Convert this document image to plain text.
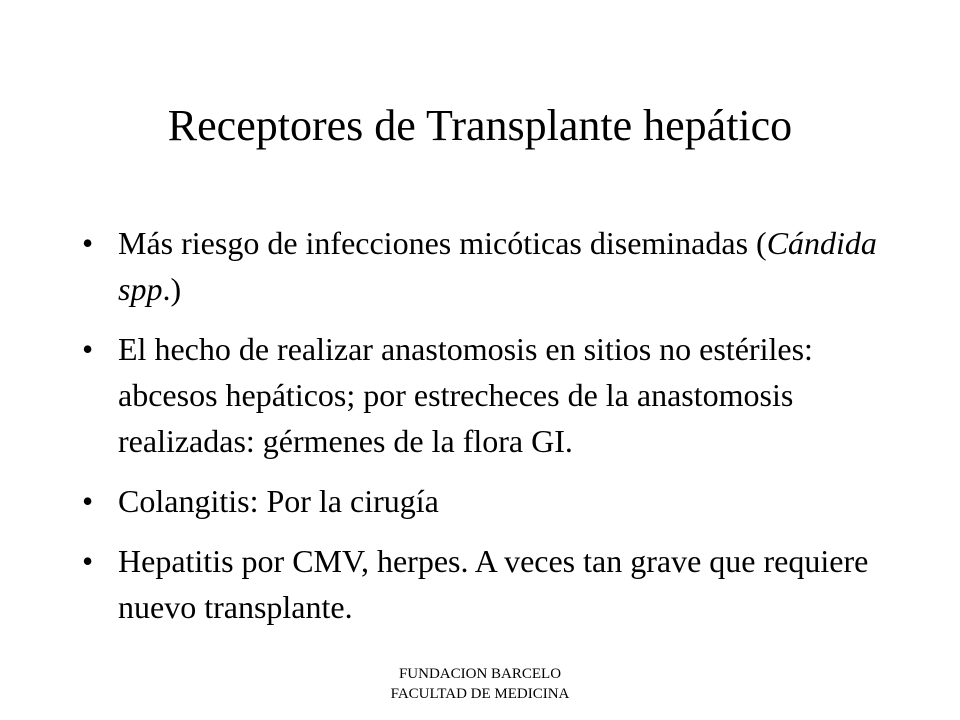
Receptores de Transplante hepático
• Más riesgo de infecciones micóticas diseminadas (Cándida spp.)
• El hecho de realizar anastomosis en sitios no estériles: abcesos hepáticos; por estrecheces de la anastomosis realizadas: gérmenes de la flora GI.
• Colangitis: Por la cirugía
• Hepatitis por CMV, herpes. A veces tan grave que requiere nuevo transplante.
FUNDACION BARCELO
FACULTAD DE MEDICINA
